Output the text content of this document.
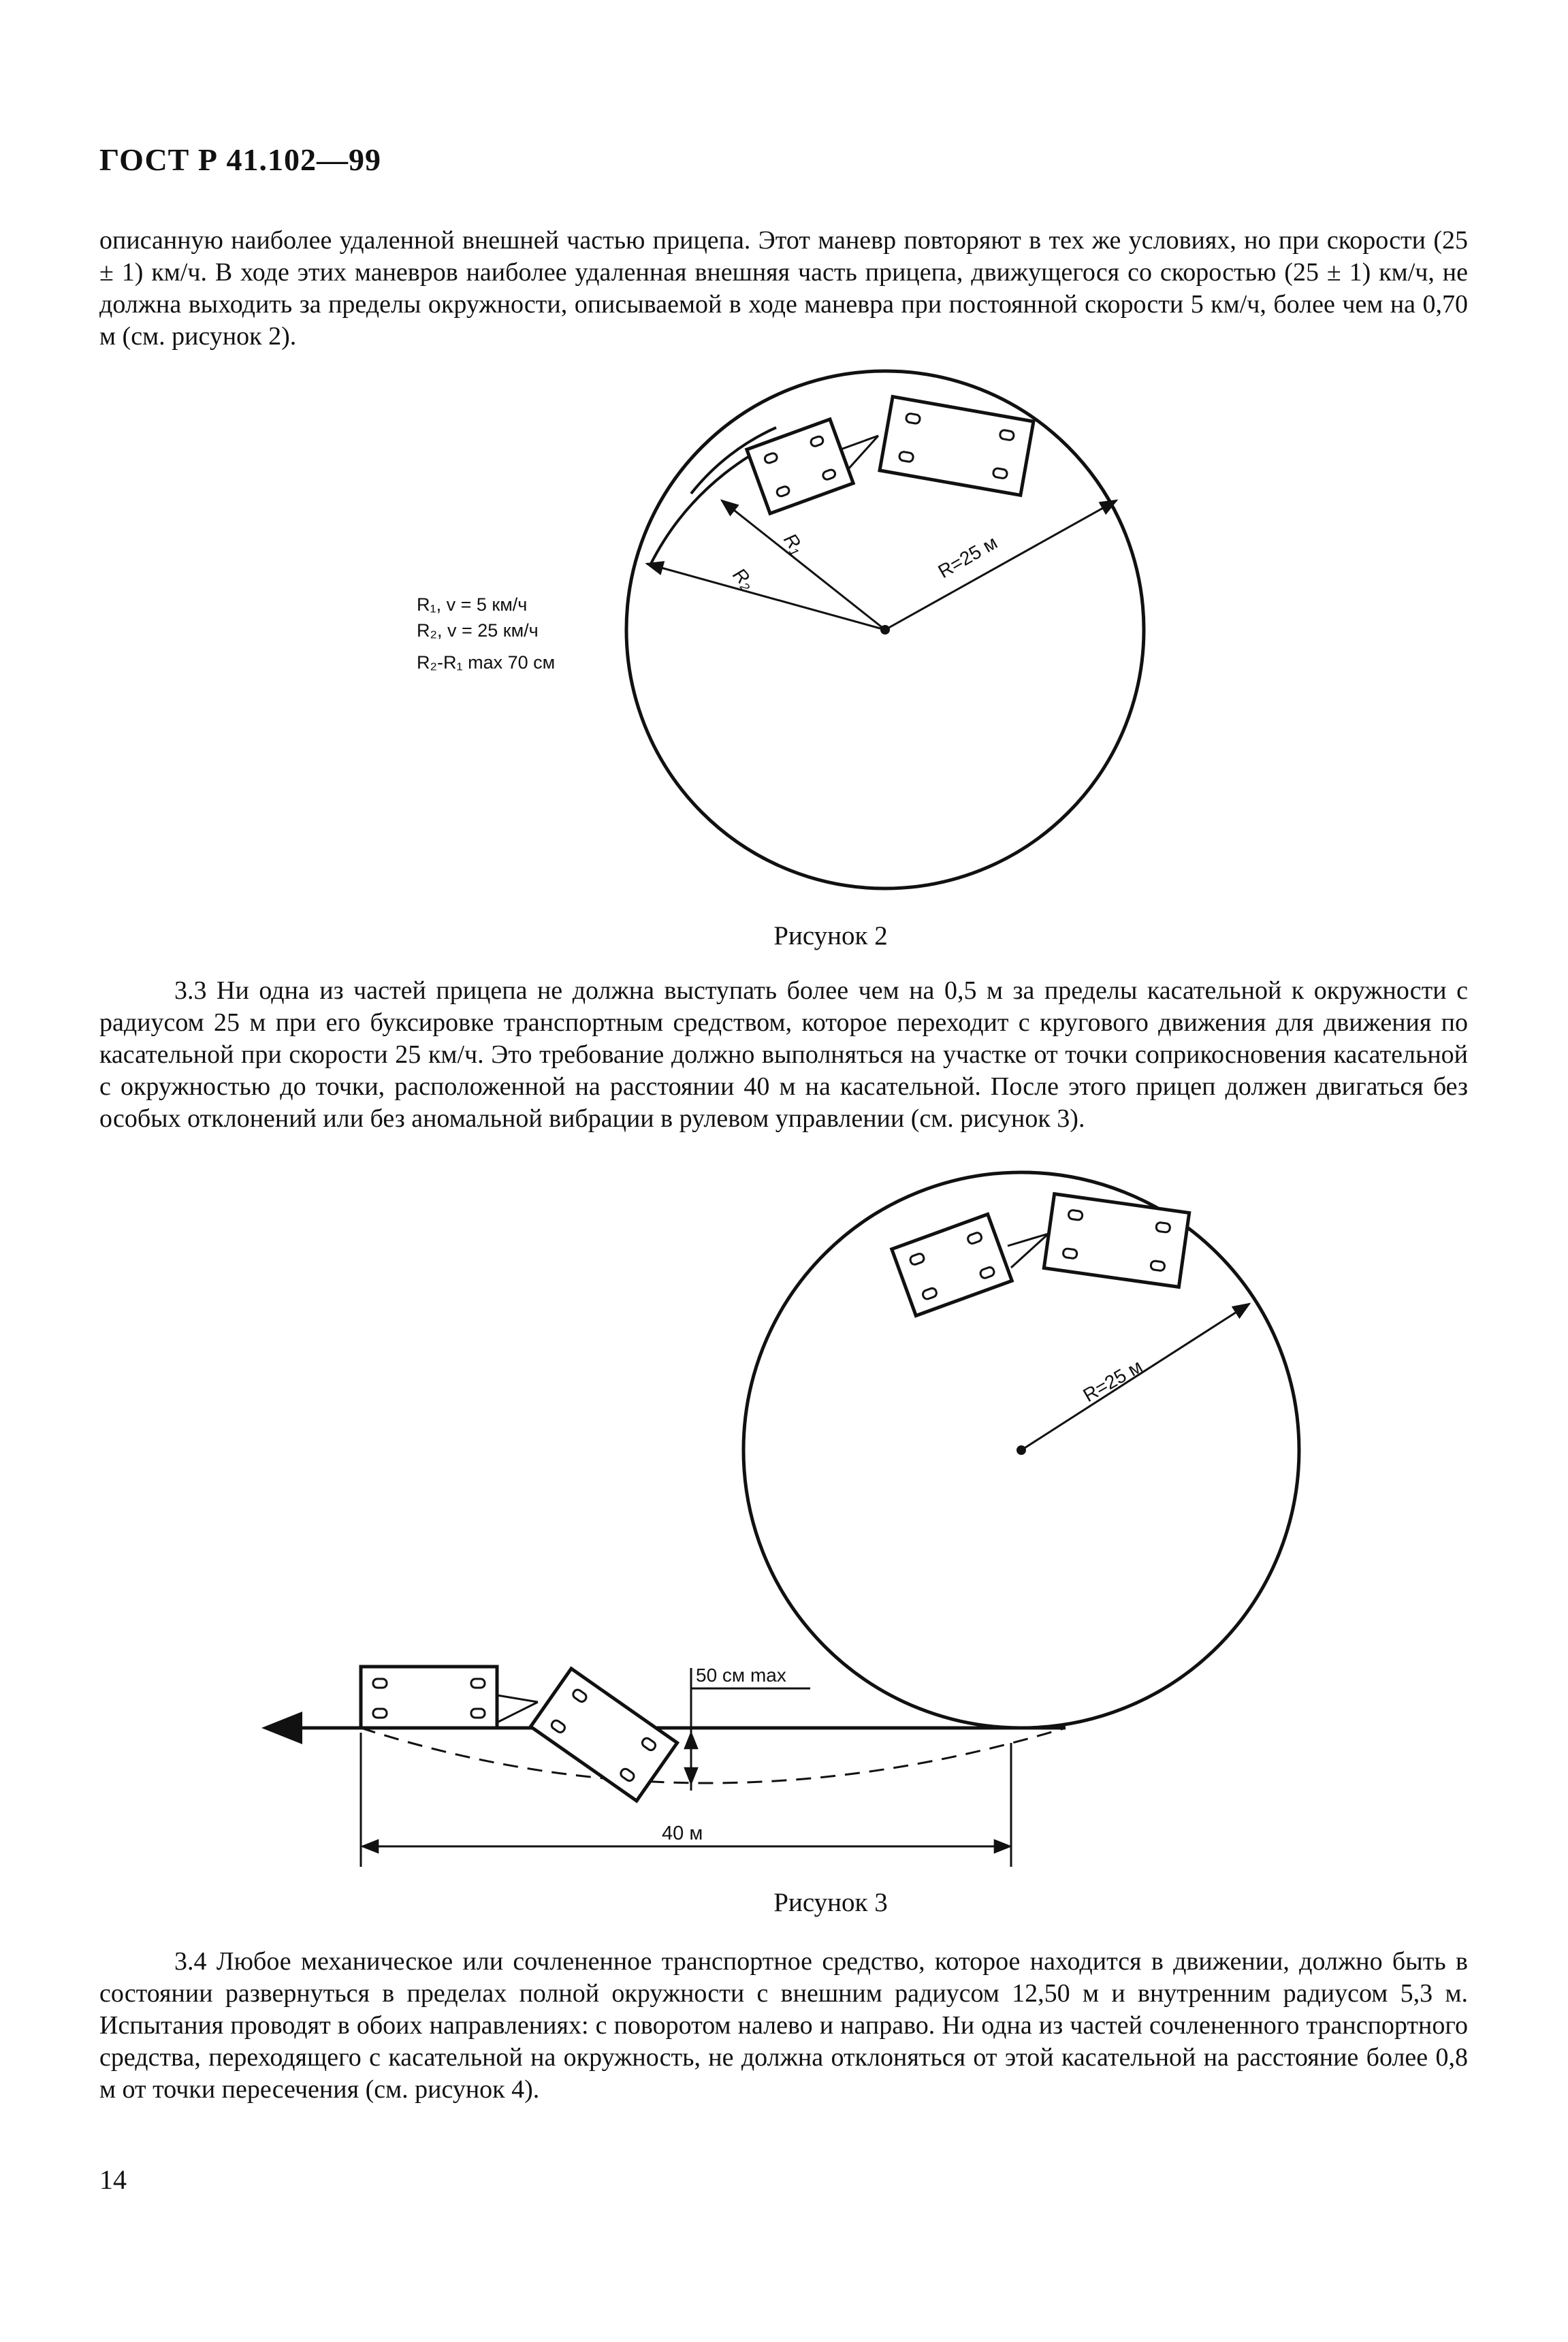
ГОСТ Р 41.102—99

описанную наиболее удаленной внешней частью прицепа. Этот маневр повторяют в тех же условиях, но при скорости (25 ± 1) км/ч. В ходе этих маневров наиболее удаленная внешняя часть прицепа, движущегося со скоростью (25 ± 1) км/ч, не должна выходить за пределы окружности, описываемой в ходе маневра при постоянной скорости 5 км/ч, более чем на 0,70 м (см. рисунок 2).

R₁
R₂	R=25 м
R₁, v = 5 км/ч
R₂, v = 25 км/ч
R₂-R₁ max 70 см
Рисунок 2

3.3 Ни одна из частей прицепа не должна выступать более чем на 0,5 м за пределы касательной к окружности с радиусом 25 м при его буксировке транспортным средством, которое переходит с кругового движения для движения по касательной при скорости 25 км/ч. Это требование должно выполняться на участке от точки соприкосновения касательной с окружностью до точки, расположенной на расстоянии 40 м на касательной. После этого прицеп должен двигаться без особых отклонений или без аномальной вибрации в рулевом управлении (см. рисунок 3).

R=25 м
50 см max
40 м
Рисунок 3

3.4 Любое механическое или сочлененное транспортное средство, которое находится в движении, должно быть в состоянии развернуться в пределах полной окружности с внешним радиусом 12,50 м и внутренним радиусом 5,3 м. Испытания проводят в обоих направлениях: с поворотом налево и направо. Ни одна из частей сочлененного транспортного средства, переходящего с касательной на окружность, не должна отклоняться от этой касательной на расстояние более 0,8 м от точки пересечения (см. рисунок 4).

14
